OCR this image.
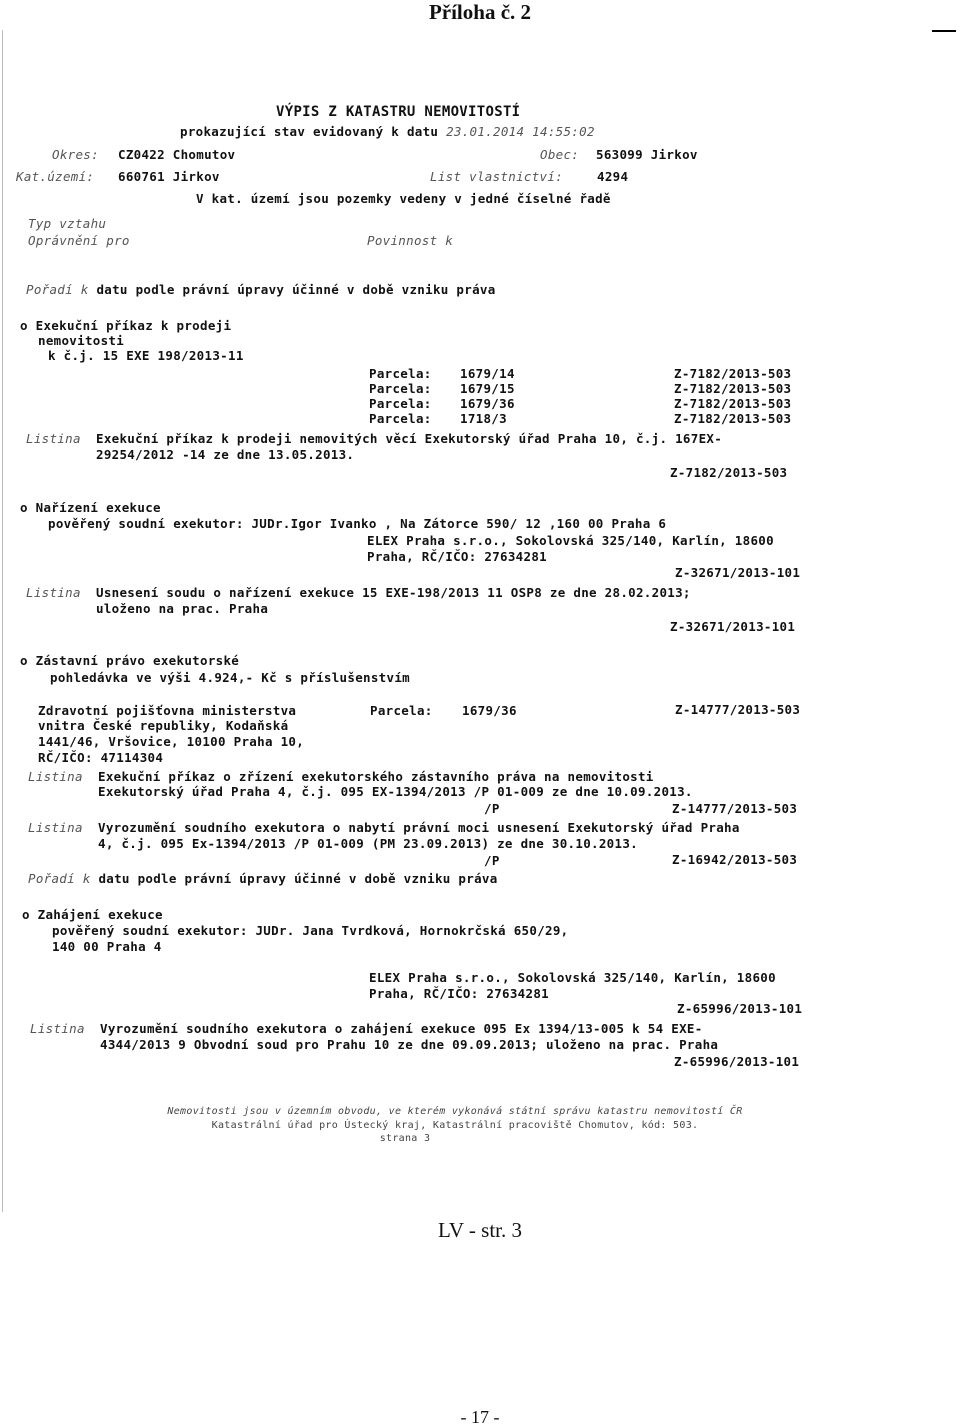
Příloha č. 2
VÝPIS Z KATASTRU NEMOVITOSTÍ
prokazující stav evidovaný k datu 23.01.2014 14:55:02
Okres: CZ0422 Chomutov	Obec: 563099 Jirkov
Kat.území: 660761 Jirkov	List vlastnictví:	4294
V kat. území jsou pozemky vedeny v jedné číselné řadě
Typ vztahu
Oprávnění pro	Povinnost k
Pořadí k datu podle právní úpravy účinné v době vzniku práva
o Exekuční příkaz k prodeji
nemovitosti
k č.j. 15 EXE 198/2013-11
Parcela: 1679/14	Z-7182/2013-503
Parcela: 1679/15	Z-7182/2013-503
Parcela: 1679/36	Z-7182/2013-503
Parcela: 1718/3	Z-7182/2013-503
Listina Exekuční příkaz k prodeji nemovitých věcí Exekutorský úřad Praha 10, č.j. 167EX-
29254/2012 -14 ze dne 13.05.2013.
Z-7182/2013-503
o Nařízení exekuce
pověřený soudní exekutor: JUDr.Igor Ivanko , Na Zátorce 590/ 12 ,160 00 Praha 6
ELEX Praha s.r.o., Sokolovská 325/140, Karlín, 18600
Praha, RČ/IČO: 27634281
Z-32671/2013-101
Listina Usnesení soudu o nařízení exekuce 15 EXE-198/2013 11 OSP8 ze dne 28.02.2013;
uloženo na prac. Praha
Z-32671/2013-101
o Zástavní právo exekutorské
pohledávka ve výši 4.924,- Kč s příslušenstvím
Zdravotní pojišťovna ministerstva
vnitra České republiky, Kodaňská
1441/46, Vršovice, 10100 Praha 10,
RČ/IČO: 47114304
Parcela: 1679/36	Z-14777/2013-503
Listina Exekuční příkaz o zřízení exekutorského zástavního práva na nemovitosti
Exekutorský úřad Praha 4, č.j. 095 EX-1394/2013 /P 01-009 ze dne 10.09.2013.
/P	Z-14777/2013-503
Listina Vyrozumění soudního exekutora o nabytí právní moci usnesení Exekutorský úřad Praha
4, č.j. 095 Ex-1394/2013 /P 01-009 (PM 23.09.2013) ze dne 30.10.2013.
/P	Z-16942/2013-503
Pořadí k datu podle právní úpravy účinné v době vzniku práva
o Zahájení exekuce
pověřený soudní exekutor: JUDr. Jana Tvrdková, Hornokrčská 650/29,
140 00 Praha 4
ELEX Praha s.r.o., Sokolovská 325/140, Karlín, 18600
Praha, RČ/IČO: 27634281
Z-65996/2013-101
Listina Vyrozumění soudního exekutora o zahájení exekuce 095 Ex 1394/13-005 k 54 EXE-
4344/2013 9 Obvodní soud pro Prahu 10 ze dne 09.09.2013; uloženo na prac. Praha
Z-65996/2013-101
Nemovitosti jsou v územním obvodu, ve kterém vykonává státní správu katastru nemovitostí ČR
Katastrální úřad pro Ústecký kraj, Katastrální pracoviště Chomutov, kód: 503.
strana 3
LV - str. 3
- 17 -
